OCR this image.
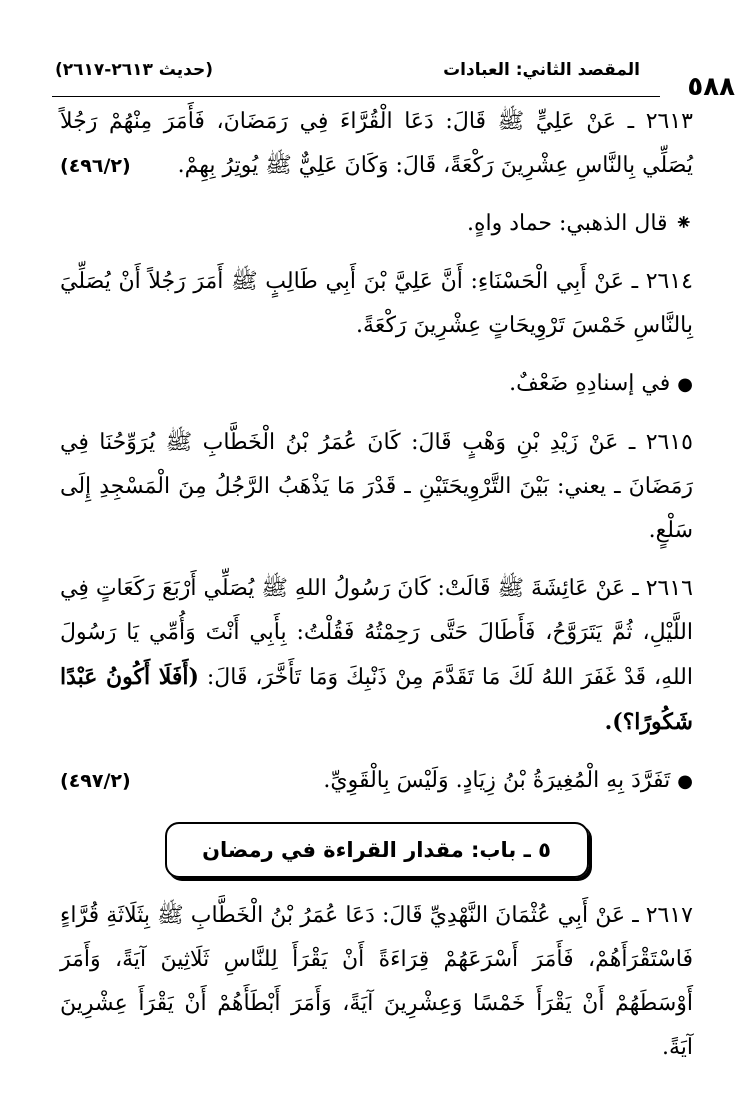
(حديث ٢٦١٣-٢٦١٧)	المقصد الثاني: العبادات
٥٨٨

٢٦١٣ ـ عَنْ عَلِيٍّ ﷺ قَالَ: دَعَا الْقُرَّاءَ فِي رَمَضَانَ، فَأَمَرَ مِنْهُمْ رَجُلاً يُصَلِّي بِالنَّاسِ عِشْرِينَ رَكْعَةً، قَالَ: وَكَانَ عَلِيٌّ ﷺ يُوتِرُ بِهِمْ.
(٤٩٦/٢)

⁕ قال الذهبي: حماد واهٍ.

٢٦١٤ ـ عَنْ أَبِي الْحَسْنَاءِ: أَنَّ عَلِيَّ بْنَ أَبِي طَالِبٍ ﷺ أَمَرَ رَجُلاً أَنْ يُصَلِّيَ بِالنَّاسِ خَمْسَ تَرْوِيحَاتٍ عِشْرِينَ رَكْعَةً.

● في إسنادِهِ ضَعْفٌ.

٢٦١٥ ـ عَنْ زَيْدِ بْنِ وَهْبٍ قَالَ: كَانَ عُمَرُ بْنُ الْخَطَّابِ ﷺ يُرَوِّحُنَا فِي رَمَضَانَ ـ يعني: بَيْنَ التَّرْوِيحَتَيْنِ ـ قَدْرَ مَا يَذْهَبُ الرَّجُلُ مِنَ الْمَسْجِدِ إِلَى سَلْعٍ.

٢٦١٦ ـ عَنْ عَائِشَةَ ﷺ قَالَتْ: كَانَ رَسُولُ اللهِ ﷺ يُصَلِّي أَرْبَعَ رَكَعَاتٍ فِي اللَّيْلِ، ثُمَّ يَتَرَوَّحُ، فَأَطَالَ حَتَّى رَحِمْتُهُ فَقُلْتُ: بِأَبِي أَنْتَ وَأُمِّي يَا رَسُولَ اللهِ، قَدْ غَفَرَ اللهُ لَكَ مَا تَقَدَّمَ مِنْ ذَنْبِكَ وَمَا تَأَخَّرَ، قَالَ: (أَفَلَا أَكُونُ عَبْدًا شَكُورًا؟).

● تَفَرَّدَ بِهِ الْمُغِيرَةُ بْنُ زِيَادٍ. وَلَيْسَ بِالْقَوِيِّ.
(٤٩٧/٢)

٥ ـ باب: مقدار القراءة في رمضان

٢٦١٧ ـ عَنْ أَبِي عُثْمَانَ النَّهْدِيِّ قَالَ: دَعَا عُمَرُ بْنُ الْخَطَّابِ ﷺ بِثَلَاثَةِ قُرَّاءٍ فَاسْتَقْرَأَهُمْ، فَأَمَرَ أَسْرَعَهُمْ قِرَاءَةً أَنْ يَقْرَأَ لِلنَّاسِ ثَلَاثِينَ آيَةً، وَأَمَرَ أَوْسَطَهُمْ أَنْ يَقْرَأَ خَمْسًا وَعِشْرِينَ آيَةً، وَأَمَرَ أَبْطَأَهُمْ أَنْ يَقْرَأَ عِشْرِينَ آيَةً.
